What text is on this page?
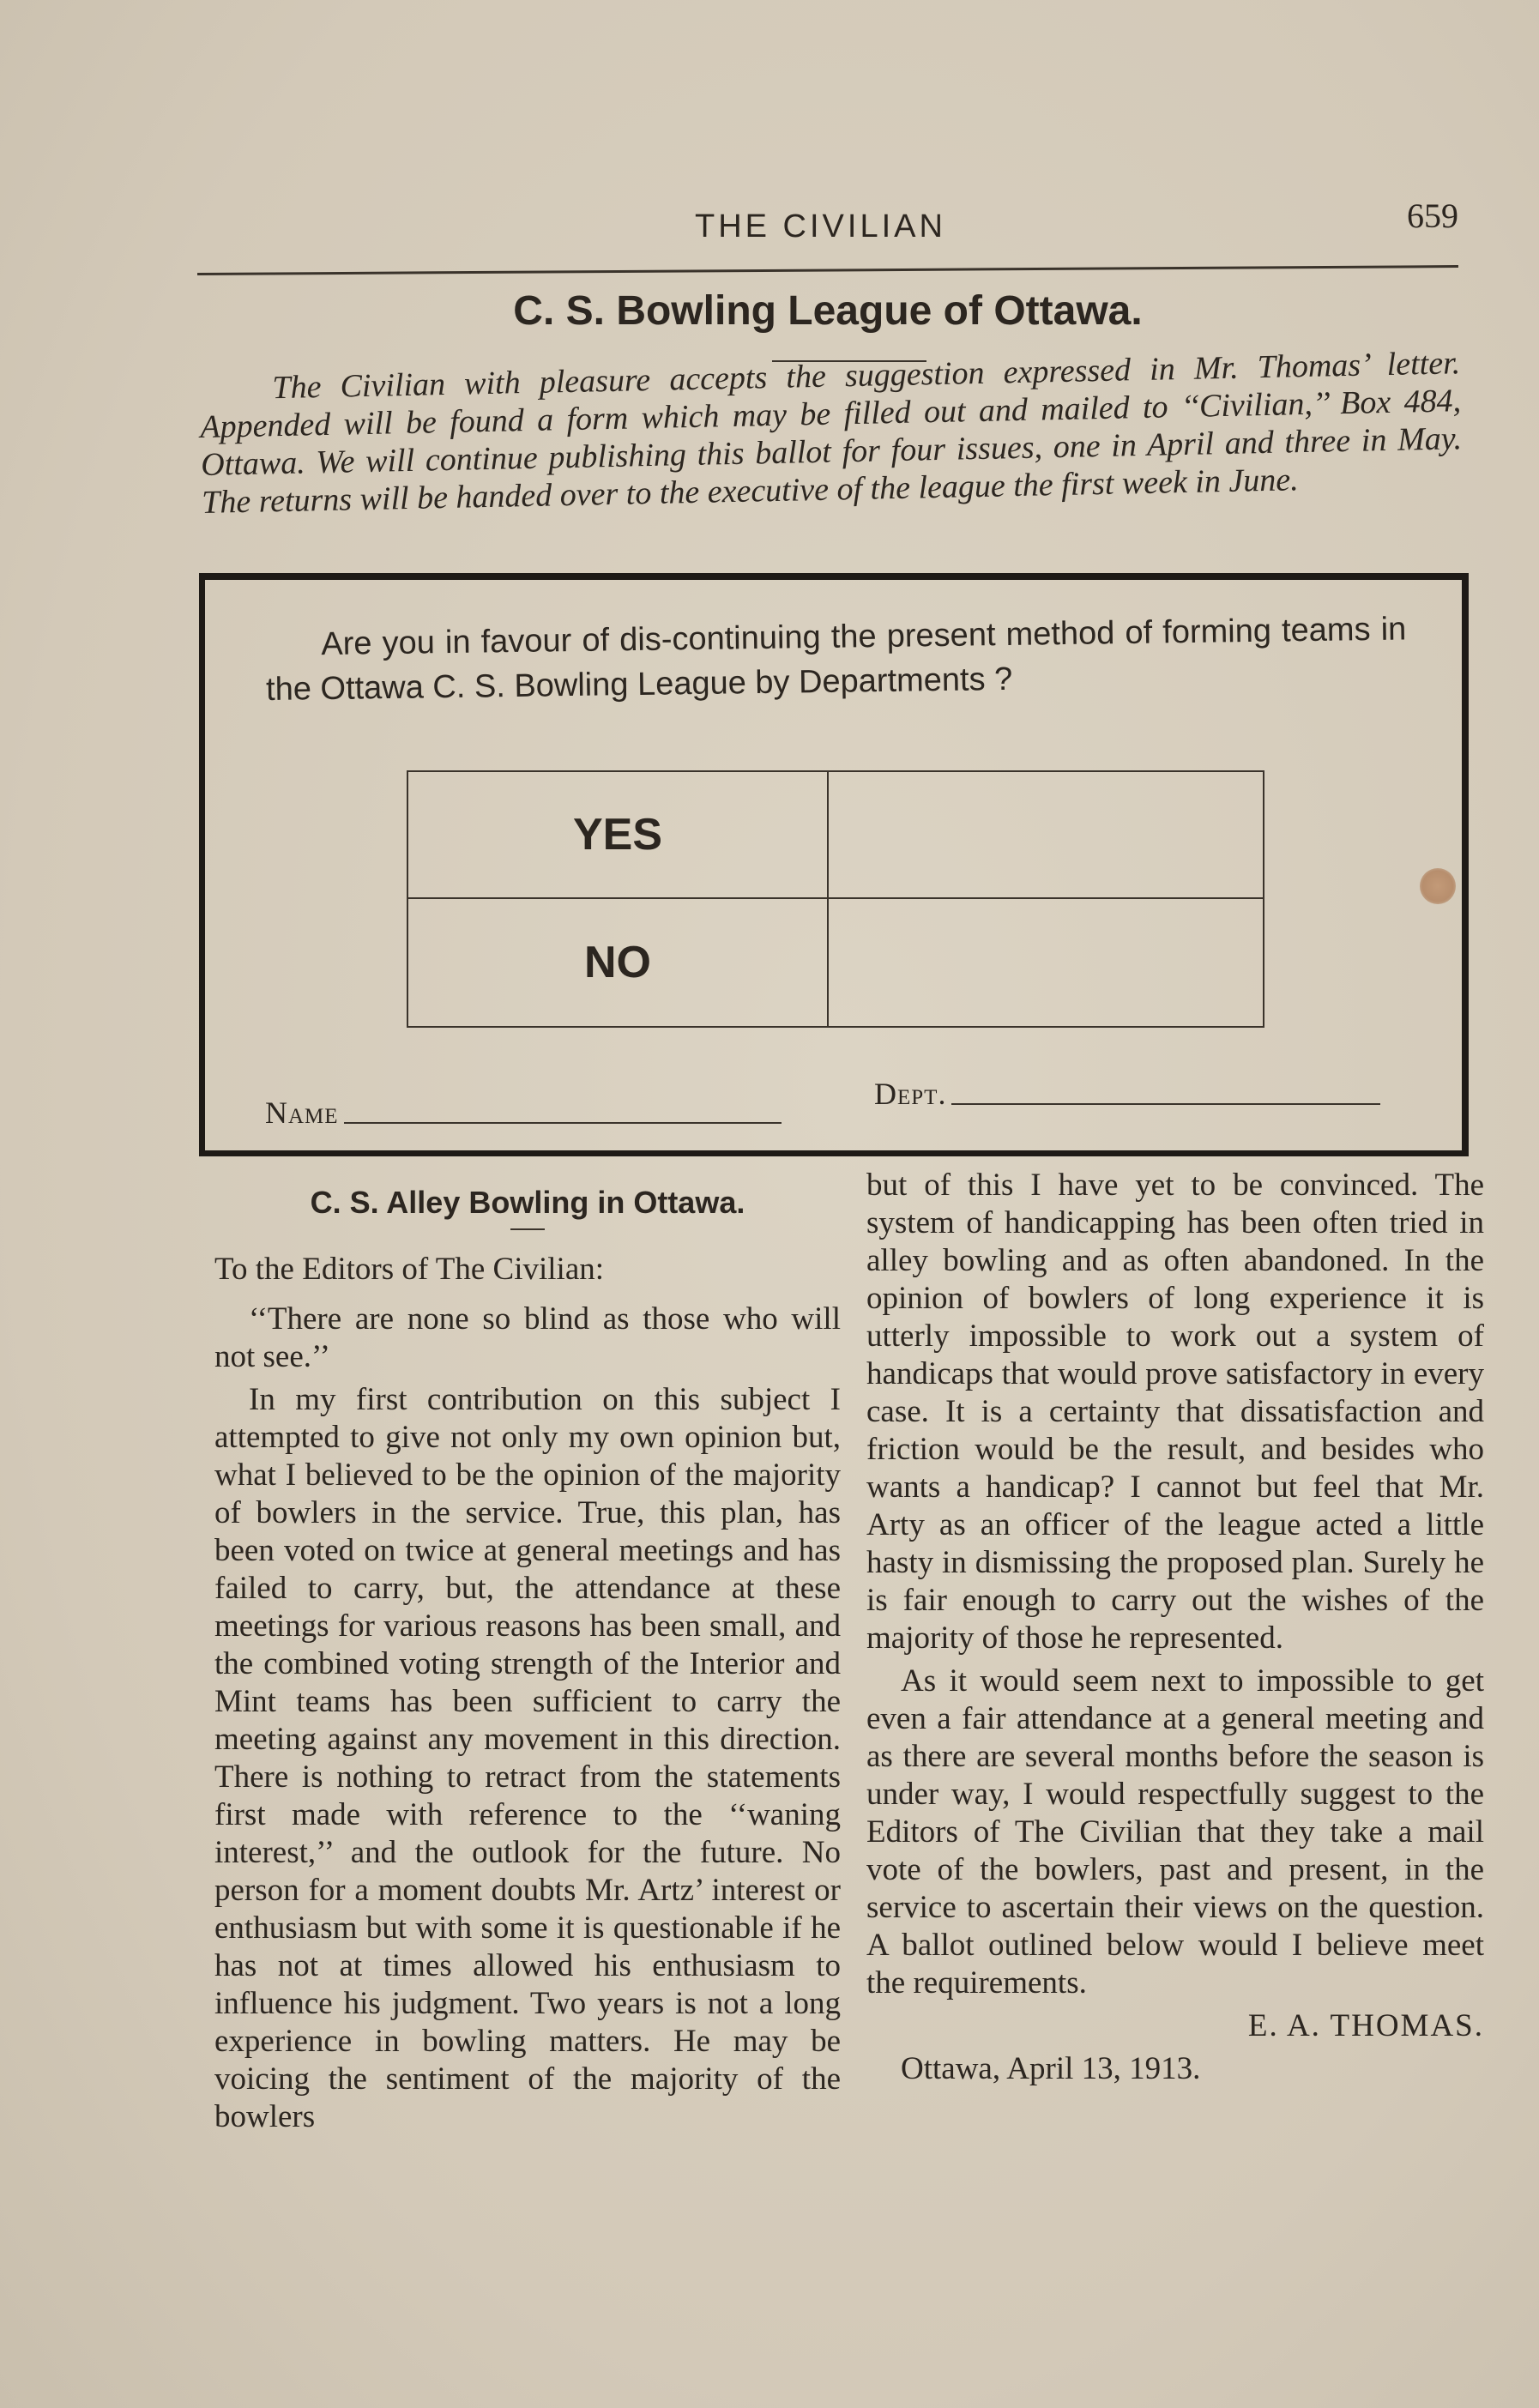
THE CIVILIAN	659
C. S. Bowling League of Ottawa.
The Civilian with pleasure accepts the suggestion expressed in Mr. Thomas’ letter. Appended will be found a form which may be filled out and mailed to ‘‘Civilian,’’ Box 484, Ottawa. We will continue publishing this ballot for four issues, one in April and three in May. The returns will be handed over to the executive of the league the first week in June.
Are you in favour of dis-continuing the present method of forming teams in the Ottawa C. S. Bowling League by Departments ?
YES
NO
Name
Dept.
C. S. Alley Bowling in Ottawa.

To the Editors of The Civilian:

‘‘There are none so blind as those who will not see.’’

In my first contribution on this subject I attempted to give not only my own opinion but, what I believed to be the opinion of the majority of bowlers in the service. True, this plan, has been voted on twice at general meetings and has failed to carry, but, the attendance at these meetings for various reasons has been small, and the combined voting strength of the Interior and Mint teams has been sufficient to carry the meeting against any movement in this direction. There is nothing to retract from the statements first made with reference to the ‘‘waning interest,’’ and the outlook for the future. No person for a moment doubts Mr. Artz’ interest or enthusiasm but with some it is questionable if he has not at times allowed his enthusiasm to influence his judgment. Two years is not a long experience in bowling matters. He may be voicing the sentiment of the majority of the bowlers

but of this I have yet to be convinced. The system of handicapping has been often tried in alley bowling and as often abandoned. In the opinion of bowlers of long experience it is utterly impossible to work out a system of handicaps that would prove satisfactory in every case. It is a certainty that dissatisfaction and friction would be the result, and besides who wants a handicap? I cannot but feel that Mr. Arty as an officer of the league acted a little hasty in dismissing the proposed plan. Surely he is fair enough to carry out the wishes of the majority of those he represented.

As it would seem next to impossible to get even a fair attendance at a general meeting and as there are several months before the season is under way, I would respectfully suggest to the Editors of The Civilian that they take a mail vote of the bowlers, past and present, in the service to ascertain their views on the question. A ballot outlined below would I believe meet the requirements.

E. A. THOMAS.

Ottawa, April 13, 1913.
